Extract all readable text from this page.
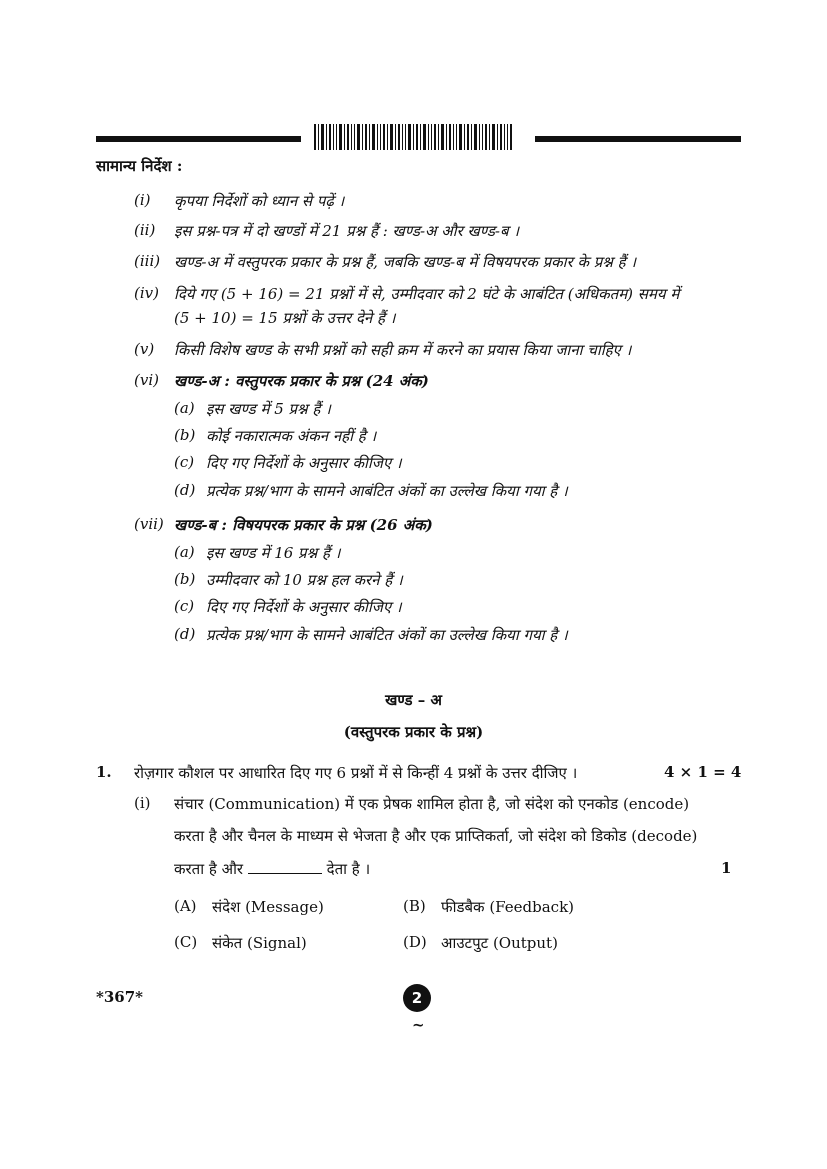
सामान्य निर्देश :
(i) कृपया निर्देशों को ध्यान से पढ़ें ।
(ii) इस प्रश्न-पत्र में दो खण्डों में 21 प्रश्न हैं : खण्ड-अ और खण्ड-ब ।
(iii) खण्ड-अ में वस्तुपरक प्रकार के प्रश्न हैं, जबकि खण्ड-ब में विषयपरक प्रकार के प्रश्न हैं ।
(iv) दिये गए (5 + 16) = 21 प्रश्नों में से, उम्मीदवार को 2 घंटे के आबंटित (अधिकतम) समय में
(5 + 10) = 15 प्रश्नों के उत्तर देने हैं ।
(v) किसी विशेष खण्ड के सभी प्रश्नों को सही क्रम में करने का प्रयास किया जाना चाहिए ।
(vi) खण्ड-अ : वस्तुपरक प्रकार के प्रश्न (24 अंक)
(a) इस खण्ड में 5 प्रश्न हैं ।
(b) कोई नकारात्मक अंकन नहीं है ।
(c) दिए गए निर्देशों के अनुसार कीजिए ।
(d) प्रत्येक प्रश्न/भाग के सामने आबंटित अंकों का उल्लेख किया गया है ।
(vii) खण्ड-ब : विषयपरक प्रकार के प्रश्न (26 अंक)
(a) इस खण्ड में 16 प्रश्न हैं ।
(b) उम्मीदवार को 10 प्रश्न हल करने हैं ।
(c) दिए गए निर्देशों के अनुसार कीजिए ।
(d) प्रत्येक प्रश्न/भाग के सामने आबंटित अंकों का उल्लेख किया गया है ।
खण्ड – अ
(वस्तुपरक प्रकार के प्रश्न)
1. रोज़गार कौशल पर आधारित दिए गए 6 प्रश्नों में से किन्हीं 4 प्रश्नों के उत्तर दीजिए ।	4 × 1 = 4
(i) संचार (Communication) में एक प्रेषक शामिल होता है, जो संदेश को एनकोड (encode)
करता है और चैनल के माध्यम से भेजता है और एक प्राप्तिकर्ता, जो संदेश को डिकोड (decode)
करता है और	देता है ।	1
(A) संदेश (Message)	(B) फीडबैक (Feedback)
(C) संकेत (Signal)	(D) आउटपुट (Output)
*367*	2
~
